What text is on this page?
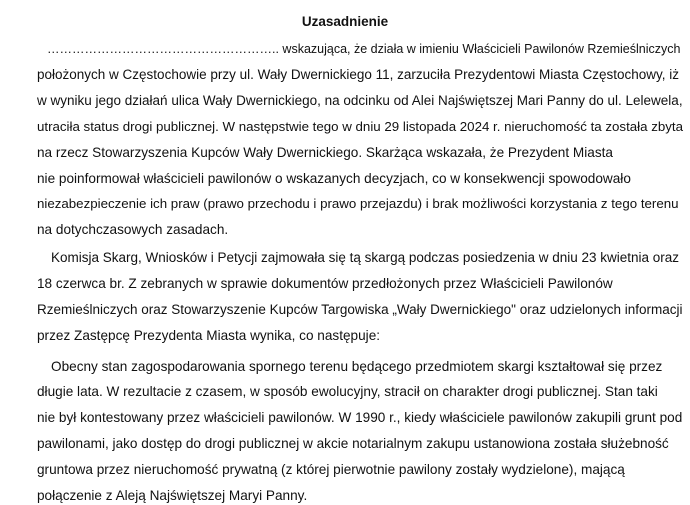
Uzasadnienie
……………………………………………….. wskazująca, że działa w imieniu Właścicieli Pawilonów Rzemieślniczych
położonych w Częstochowie przy ul. Wały Dwernickiego 11, zarzuciła Prezydentowi Miasta Częstochowy, iż
w wyniku jego działań ulica Wały Dwernickiego, na odcinku od Alei Najświętszej Mari Panny do ul. Lelewela,
utraciła status drogi publicznej. W następstwie tego w dniu 29 listopada 2024 r. nieruchomość ta została zbyta
na rzecz Stowarzyszenia Kupców Wały Dwernickiego. Skarżąca wskazała, że Prezydent Miasta
nie poinformował właścicieli pawilonów o wskazanych decyzjach, co w konsekwencji spowodowało
niezabezpieczenie ich praw (prawo przechodu i prawo przejazdu) i brak możliwości korzystania z tego terenu
na dotychczasowych zasadach.
Komisja Skarg, Wniosków i Petycji zajmowała się tą skargą podczas posiedzenia w dniu 23 kwietnia oraz
18 czerwca br. Z zebranych w sprawie dokumentów przedłożonych przez Właścicieli Pawilonów
Rzemieślniczych oraz Stowarzyszenie Kupców Targowiska „Wały Dwernickiego" oraz udzielonych informacji
przez Zastępcę Prezydenta Miasta wynika, co następuje:
Obecny stan zagospodarowania spornego terenu będącego przedmiotem skargi kształtował się przez
długie lata. W rezultacie z czasem, w sposób ewolucyjny, stracił on charakter drogi publicznej. Stan taki
nie był kontestowany przez właścicieli pawilonów. W 1990 r., kiedy właściciele pawilonów zakupili grunt pod
pawilonami, jako dostęp do drogi publicznej w akcie notarialnym zakupu ustanowiona została służebność
gruntowa przez nieruchomość prywatną (z której pierwotnie pawilony zostały wydzielone), mającą
połączenie z Aleją Najświętszej Maryi Panny.
